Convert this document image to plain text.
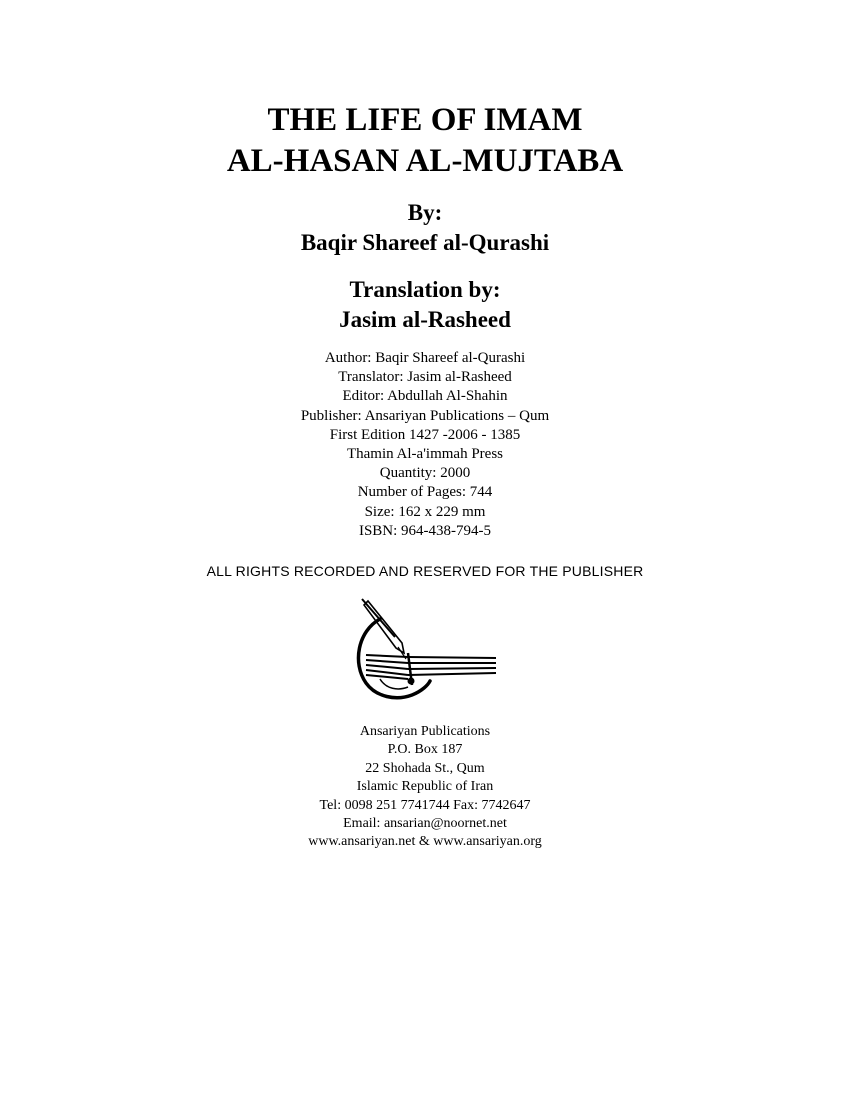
THE LIFE OF IMAM
AL-HASAN AL-MUJTABA
By:
Baqir Shareef al-Qurashi
Translation by:
Jasim al-Rasheed
Author: Baqir Shareef al-Qurashi
Translator: Jasim al-Rasheed
Editor: Abdullah Al-Shahin
Publisher: Ansariyan Publications – Qum
First Edition 1427 -2006 - 1385
Thamin Al-a'immah Press
Quantity: 2000
Number of Pages: 744
Size: 162 x 229 mm
ISBN: 964-438-794-5
ALL RIGHTS RECORDED AND RESERVED FOR THE PUBLISHER
Ansariyan Publications
P.O. Box 187
22 Shohada St., Qum
Islamic Republic of Iran
Tel: 0098 251 7741744 Fax: 7742647
Email: ansarian@noornet.net
www.ansariyan.net & www.ansariyan.org
